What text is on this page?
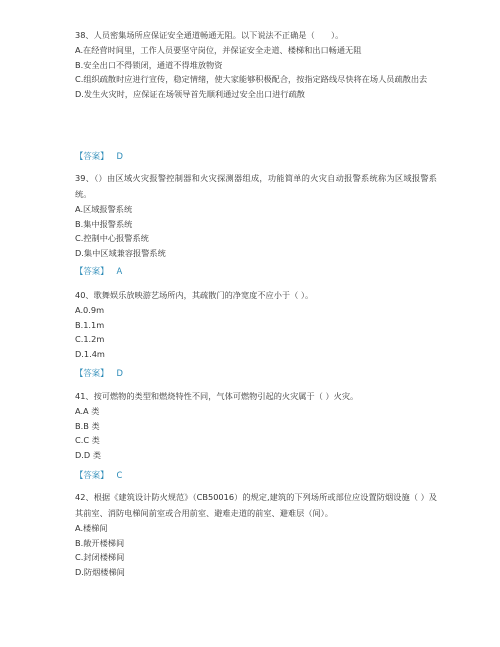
38、人员密集场所应保证安全通道畅通无阻。以下说法不正确是（　　）。

A.在经营时间里，工作人员要坚守岗位，并保证安全走道、楼梯和出口畅通无阻
B.安全出口不得锁闭，通道不得堆放物资
C.组织疏散时应进行宣传，稳定情绪，使大家能够积极配合，按指定路线尽快将在场人员疏散出去
D.发生火灾时，应保证在场领导首先顺利通过安全出口进行疏散
【答案】 D

39、（）由区域火灾报警控制器和火灾探测器组成，功能简单的火灾自动报警系统称为区域报警系统。

A.区域报警系统
B.集中报警系统
C.控制中心报警系统
D.集中区域兼容报警系统
【答案】 A

40、歌舞娱乐放映游艺场所内，其疏散门的净宽度不应小于（ ）。

A.0.9m
B.1.1m
C.1.2m
D.1.4m
【答案】 D

41、按可燃物的类型和燃烧特性不同，气体可燃物引起的火灾属于（ ）火灾。

A.A 类
B.B 类
C.C 类
D.D 类
【答案】 C

42、根据《建筑设计防火规范》（CB50016）的规定,建筑的下列场所或部位应设置防烟设施（ ）及其前室、消防电梯间前室或合用前室、避难走道的前室、避难层（间）。

A.楼梯间
B.敞开楼梯间
C.封闭楼梯间
D.防烟楼梯间
